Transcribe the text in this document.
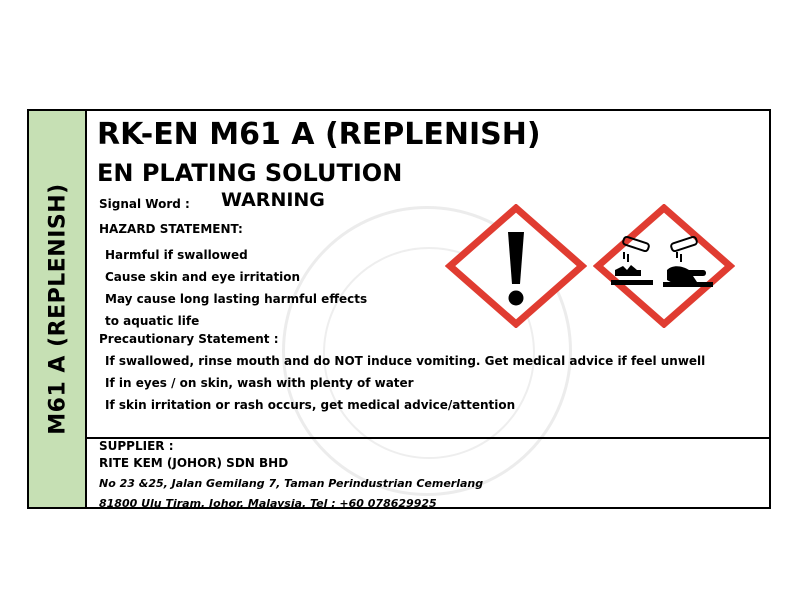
M61 A (REPLENISH)
RK-EN M61 A (REPLENISH)
EN PLATING SOLUTION
Signal Word : WARNING
HAZARD STATEMENT:
Harmful if swallowed
Cause skin and eye irritation
May cause long lasting harmful effects
to aquatic life
Precautionary Statement :
If swallowed, rinse mouth and do NOT induce vomiting. Get medical advice if feel unwell
If in eyes / on skin, wash with plenty of water
If skin irritation or rash occurs, get medical advice/attention
SUPPLIER :
RITE KEM (JOHOR) SDN BHD
No 23 &25, Jalan Gemilang 7, Taman Perindustrian Cemerlang
81800 Ulu Tiram, Johor, Malaysia. Tel : +60 078629925
